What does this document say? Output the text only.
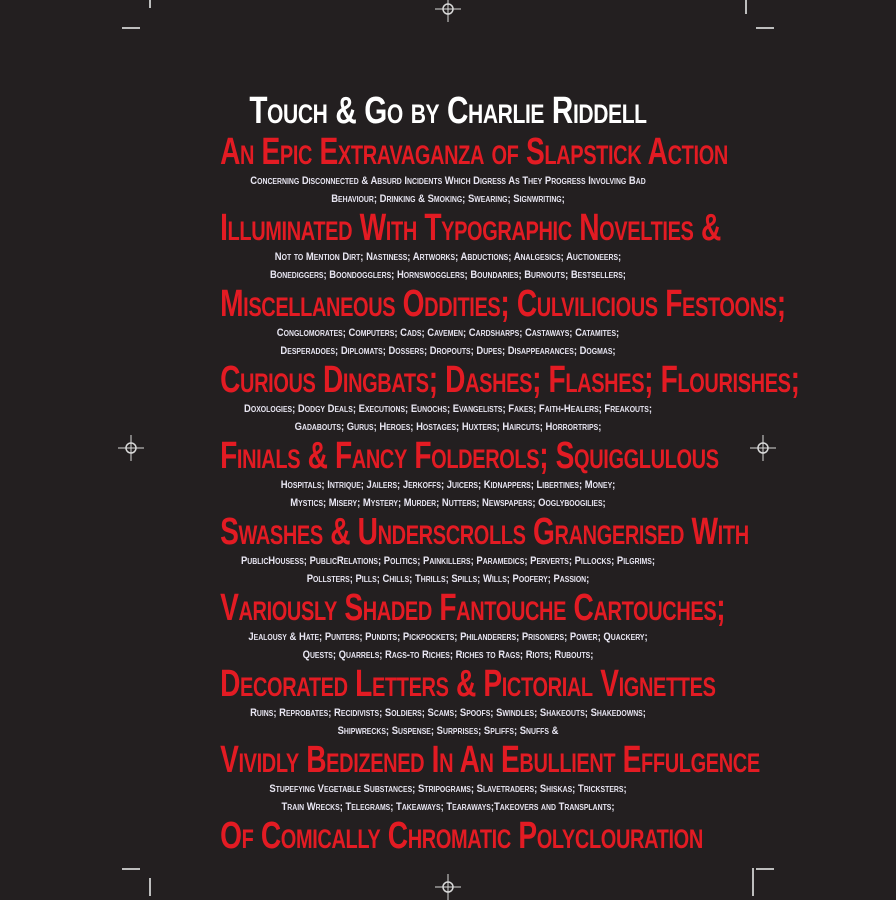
Touch & Go by Charlie Riddell
An Epic Extravaganza of Slapstick Action
Concerning Disconnected & Absurd Incidents Which Digress As They Progress Involving Bad
Behaviour; Drinking & Smoking; Swearing; Signwriting;
Illuminated With Typographic Novelties &
Not to Mention Dirt; Nastiness; Artworks; Abductions; Analgesics; Auctioneers;
Bonediggers; Boondogglers; Hornswogglers; Boundaries; Burnouts; Bestsellers;
Miscellaneous Oddities; Culvilicious Festoons;
Conglomorates; Computers; Cads; Cavemen; Cardsharps; Castaways; Catamites;
Desperadoes; Diplomats; Dossers; Dropouts; Dupes; Disappearances; Dogmas;
Curious Dingbats; Dashes; Flashes; Flourishes;
Doxologies; Dodgy Deals; Executions; Eunochs; Evangelists; Fakes; Faith-Healers; Freakouts;
Gadabouts; Gurus; Heroes; Hostages; Huxters; Haircuts; Horrortrips;
Finials & Fancy Folderols; Squigglulous
Hospitals; Intrique; Jailers; Jerkoffs; Juicers; Kidnappers; Libertines; Money;
Mystics; Misery; Mystery; Murder; Nutters; Newspapers; Ooglyboogilies;
Swashes & Underscrolls Grangerised With
PublicHousess; PublicRelations; Politics; Painkillers; Paramedics; Perverts; Pillocks; Pilgrims;
Pollsters; Pills; Chills; Thrills; Spills; Wills; Poofery; Passion;
Variously Shaded Fantouche Cartouches;
Jealousy & Hate; Punters; Pundits; Pickpockets; Philanderers; Prisoners; Power; Quackery;
Quests; Quarrels; Rags-to Riches; Riches to Rags; Riots; Rubouts;
Decorated Letters & Pictorial Vignettes
Ruins; Reprobates; Recidivists; Soldiers; Scams; Spoofs; Swindles; Shakeouts; Shakedowns;
Shipwrecks; Suspense; Surprises; Spliffs; Snuffs &
Vividly Bedizened In An Ebullient Effulgence
Stupefying Vegetable Substances; Stripograms; Slavetraders; Shiskas; Tricksters;
Train Wrecks; Telegrams; Takeaways; Tearaways;Takeovers and Transplants;
Of Comically Chromatic Polyclouration
